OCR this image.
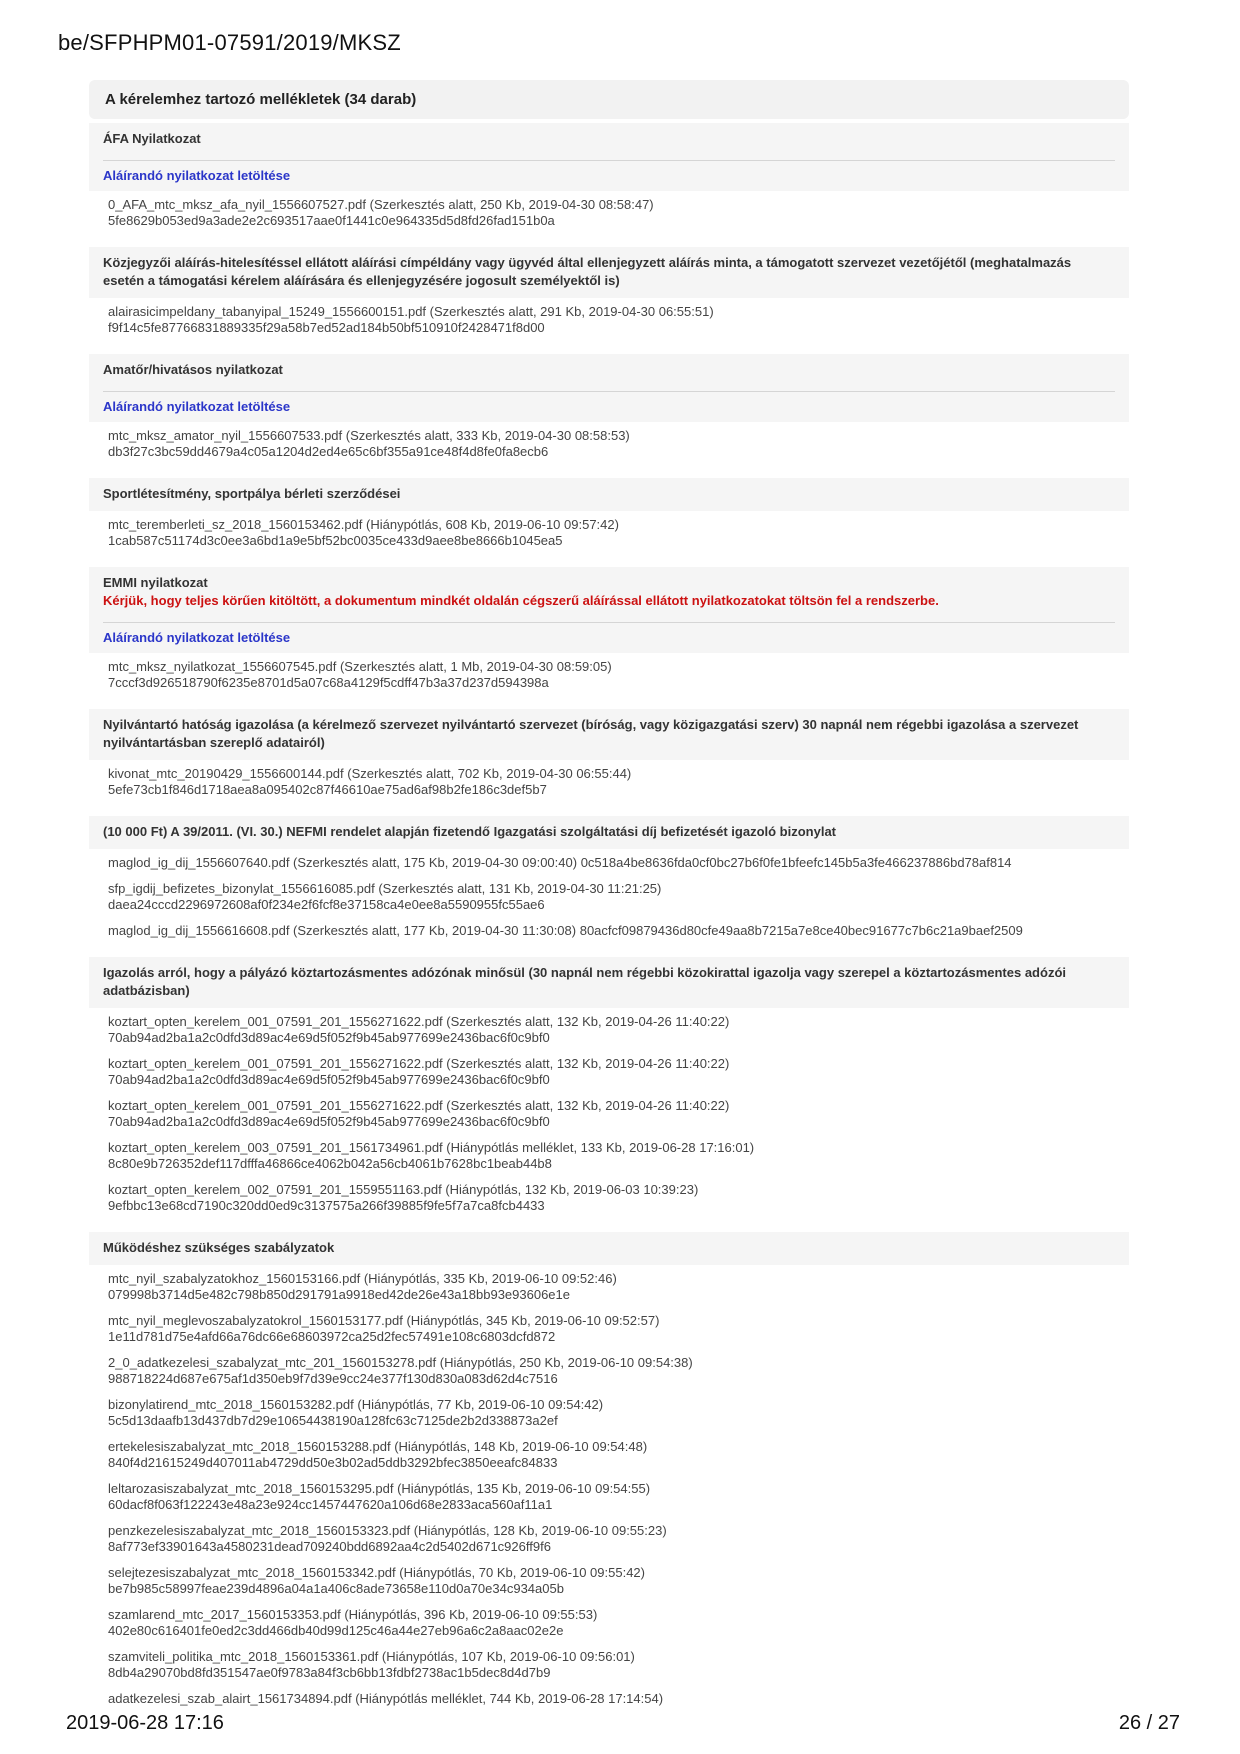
be/SFPHPM01-07591/2019/MKSZ
A kérelemhez tartozó mellékletek (34 darab)
ÁFA Nyilatkozat
Aláírandó nyilatkozat letöltése
0_AFA_mtc_mksz_afa_nyil_1556607527.pdf (Szerkesztés alatt, 250 Kb, 2019-04-30 08:58:47)
5fe8629b053ed9a3ade2e2c693517aae0f1441c0e964335d5d8fd26fad151b0a
Közjegyzői aláírás-hitelesítéssel ellátott aláírási címpéldány vagy ügyvéd által ellenjegyzett aláírás minta, a támogatott szervezet vezetőjétől (meghatalmazás esetén a támogatási kérelem aláírására és ellenjegyzésére jogosult személyektől is)
alairasicimpeldany_tabanyipal_15249_1556600151.pdf (Szerkesztés alatt, 291 Kb, 2019-04-30 06:55:51)
f9f14c5fe87766831889335f29a58b7ed52ad184b50bf510910f2428471f8d00
Amatőr/hivatásos nyilatkozat
Aláírandó nyilatkozat letöltése
mtc_mksz_amator_nyil_1556607533.pdf (Szerkesztés alatt, 333 Kb, 2019-04-30 08:58:53)
db3f27c3bc59dd4679a4c05a1204d2ed4e65c6bf355a91ce48f4d8fe0fa8ecb6
Sportlétesítmény, sportpálya bérleti szerződései
mtc_teremberleti_sz_2018_1560153462.pdf (Hiánypótlás, 608 Kb, 2019-06-10 09:57:42)
1cab587c51174d3c0ee3a6bd1a9e5bf52bc0035ce433d9aee8be8666b1045ea5
EMMI nyilatkozat
Kérjük, hogy teljes körűen kitöltött, a dokumentum mindkét oldalán cégszerű aláírással ellátott nyilatkozatokat töltsön fel a rendszerbe.
Aláírandó nyilatkozat letöltése
mtc_mksz_nyilatkozat_1556607545.pdf (Szerkesztés alatt, 1 Mb, 2019-04-30 08:59:05)
7cccf3d926518790f6235e8701d5a07c68a4129f5cdff47b3a37d237d594398a
Nyilvántartó hatóság igazolása (a kérelmező szervezet nyilvántartó szervezet (bíróság, vagy közigazgatási szerv) 30 napnál nem régebbi igazolása a szervezet nyilvántartásban szereplő adatairól)
kivonat_mtc_20190429_1556600144.pdf (Szerkesztés alatt, 702 Kb, 2019-04-30 06:55:44)
5efe73cb1f846d1718aea8a095402c87f46610ae75ad6af98b2fe186c3def5b7
(10 000 Ft) A 39/2011. (VI. 30.) NEFMI rendelet alapján fizetendő Igazgatási szolgáltatási díj befizetését igazoló bizonylat
maglod_ig_dij_1556607640.pdf (Szerkesztés alatt, 175 Kb, 2019-04-30 09:00:40) 0c518a4be8636fda0cf0bc27b6f0fe1bfeefc145b5a3fe466237886bd78af814
sfp_igdij_befizetes_bizonylat_1556616085.pdf (Szerkesztés alatt, 131 Kb, 2019-04-30 11:21:25)
daea24cccd2296972608af0f234e2f6fcf8e37158ca4e0ee8a5590955fc55ae6
maglod_ig_dij_1556616608.pdf (Szerkesztés alatt, 177 Kb, 2019-04-30 11:30:08) 80acfcf09879436d80cfe49aa8b7215a7e8ce40bec91677c7b6c21a9baef2509
Igazolás arról, hogy a pályázó köztartozásmentes adózónak minősül (30 napnál nem régebbi közokirattal igazolja vagy szerepel a köztartozásmentes adózói adatbázisban)
koztart_opten_kerelem_001_07591_201_1556271622.pdf (Szerkesztés alatt, 132 Kb, 2019-04-26 11:40:22)
70ab94ad2ba1a2c0dfd3d89ac4e69d5f052f9b45ab977699e2436bac6f0c9bf0
koztart_opten_kerelem_001_07591_201_1556271622.pdf (Szerkesztés alatt, 132 Kb, 2019-04-26 11:40:22)
70ab94ad2ba1a2c0dfd3d89ac4e69d5f052f9b45ab977699e2436bac6f0c9bf0
koztart_opten_kerelem_001_07591_201_1556271622.pdf (Szerkesztés alatt, 132 Kb, 2019-04-26 11:40:22)
70ab94ad2ba1a2c0dfd3d89ac4e69d5f052f9b45ab977699e2436bac6f0c9bf0
koztart_opten_kerelem_003_07591_201_1561734961.pdf (Hiánypótlás melléklet, 133 Kb, 2019-06-28 17:16:01)
8c80e9b726352def117dfffa46866ce4062b042a56cb4061b7628bc1beab44b8
koztart_opten_kerelem_002_07591_201_1559551163.pdf (Hiánypótlás, 132 Kb, 2019-06-03 10:39:23)
9efbbc13e68cd7190c320dd0ed9c3137575a266f39885f9fe5f7a7ca8fcb4433
Működéshez szükséges szabályzatok
mtc_nyil_szabalyzatokhoz_1560153166.pdf (Hiánypótlás, 335 Kb, 2019-06-10 09:52:46)
079998b3714d5e482c798b850d291791a9918ed42de26e43a18bb93e93606e1e
mtc_nyil_meglevoszabalyzatokrol_1560153177.pdf (Hiánypótlás, 345 Kb, 2019-06-10 09:52:57)
1e11d781d75e4afd66a76dc66e68603972ca25d2fec57491e108c6803dcfd872
2_0_adatkezelesi_szabalyzat_mtc_201_1560153278.pdf (Hiánypótlás, 250 Kb, 2019-06-10 09:54:38)
988718224d687e675af1d350eb9f7d39e9cc24e377f130d830a083d62d4c7516
bizonylatirend_mtc_2018_1560153282.pdf (Hiánypótlás, 77 Kb, 2019-06-10 09:54:42)
5c5d13daafb13d437db7d29e10654438190a128fc63c7125de2b2d338873a2ef
ertekelesiszabalyzat_mtc_2018_1560153288.pdf (Hiánypótlás, 148 Kb, 2019-06-10 09:54:48)
840f4d21615249d407011ab4729dd50e3b02ad5ddb3292bfec3850eeafc84833
leltarozasiszabalyzat_mtc_2018_1560153295.pdf (Hiánypótlás, 135 Kb, 2019-06-10 09:54:55)
60dacf8f063f122243e48a23e924cc1457447620a106d68e2833aca560af11a1
penzkezelesiszabalyzat_mtc_2018_1560153323.pdf (Hiánypótlás, 128 Kb, 2019-06-10 09:55:23)
8af773ef33901643a4580231dead709240bdd6892aa4c2d5402d671c926ff9f6
selejtezesiszabalyzat_mtc_2018_1560153342.pdf (Hiánypótlás, 70 Kb, 2019-06-10 09:55:42)
be7b985c58997feae239d4896a04a1a406c8ade73658e110d0a70e34c934a05b
szamlarend_mtc_2017_1560153353.pdf (Hiánypótlás, 396 Kb, 2019-06-10 09:55:53)
402e80c616401fe0ed2c3dd466db40d99d125c46a44e27eb96a6c2a8aac02e2e
szamviteli_politika_mtc_2018_1560153361.pdf (Hiánypótlás, 107 Kb, 2019-06-10 09:56:01)
8db4a29070bd8fd351547ae0f9783a84f3cb6bb13fdbf2738ac1b5dec8d4d7b9
adatkezelesi_szab_alairt_1561734894.pdf (Hiánypótlás melléklet, 744 Kb, 2019-06-28 17:14:54)
2019-06-28 17:16	26 / 27
